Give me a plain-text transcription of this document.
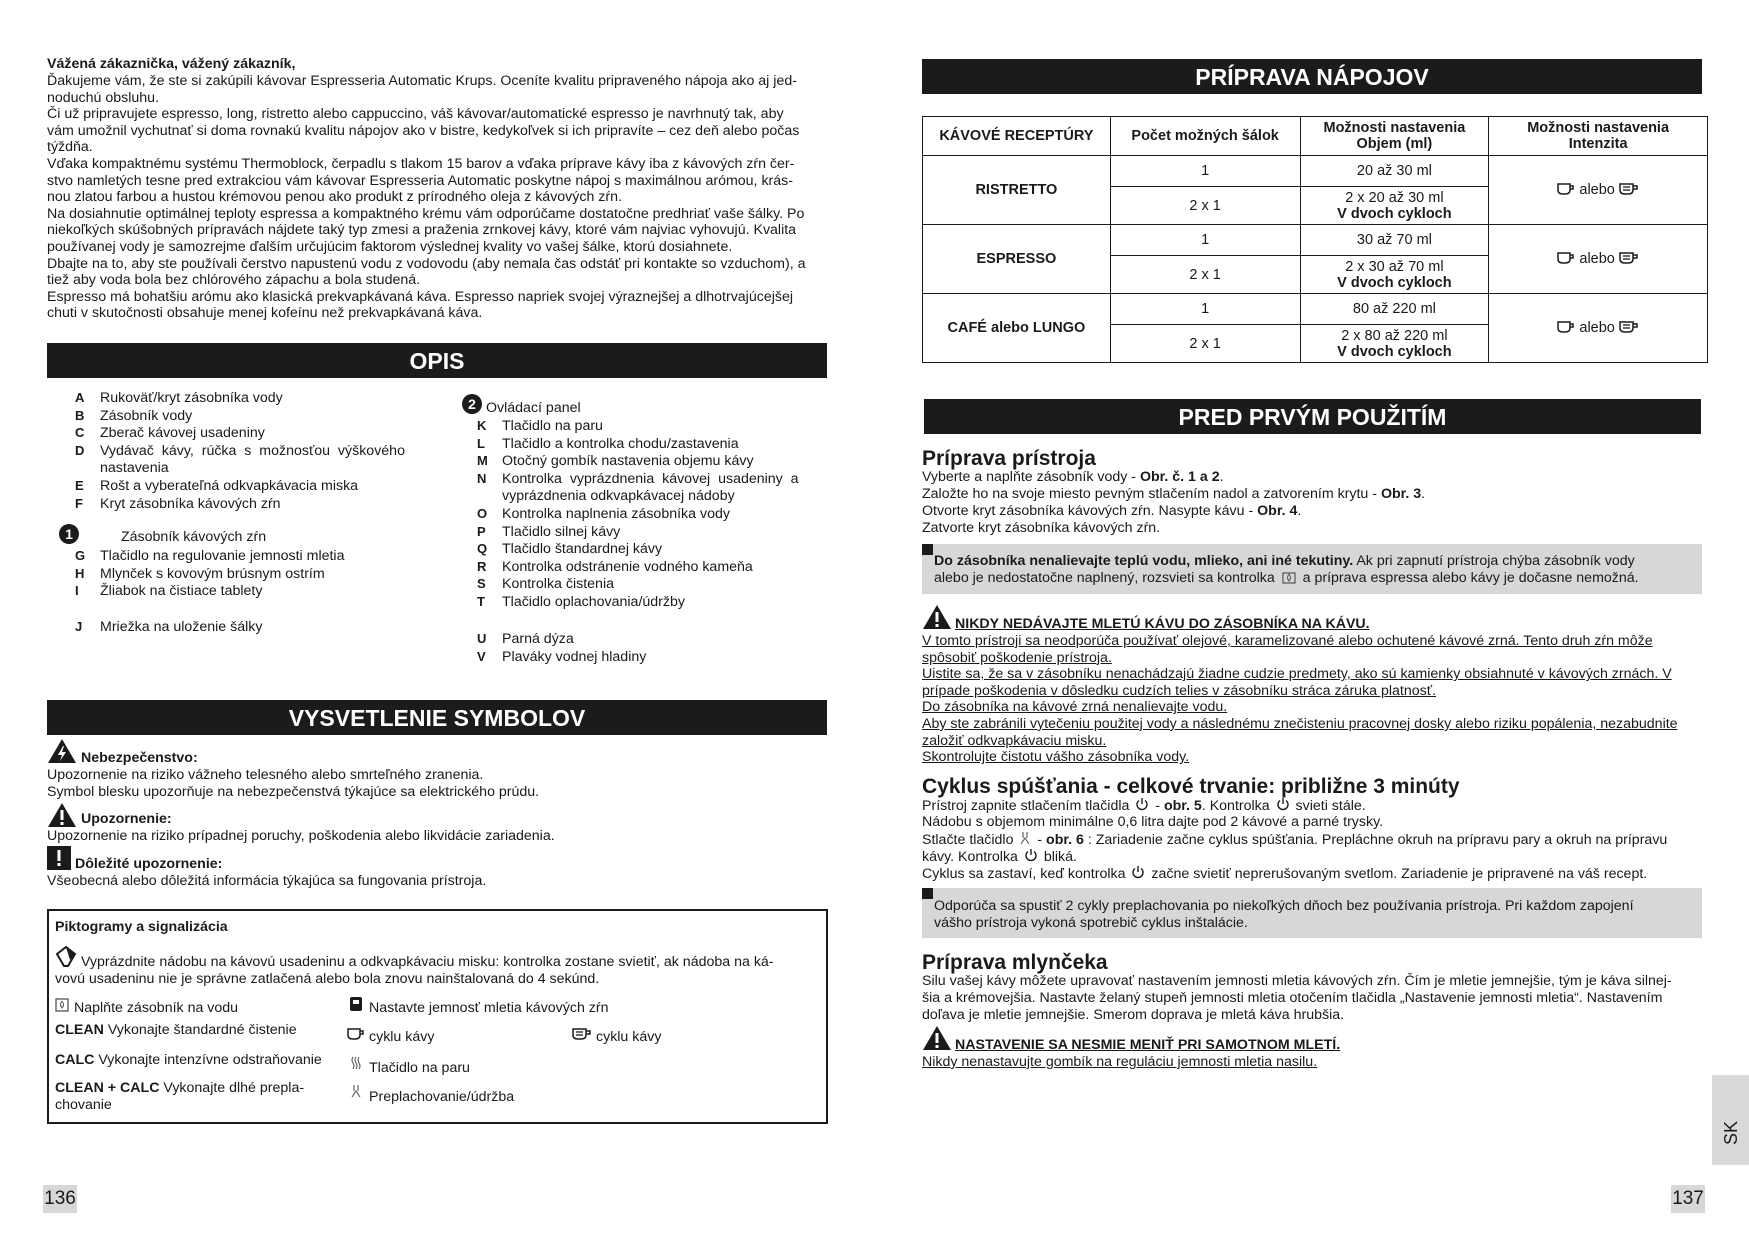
Vážená zákaznička, vážený zákazník,
Ďakujeme vám, že ste si zakúpili kávovar Espresseria Automatic Krups. Oceníte kvalitu pripraveného nápoja ako aj jed-
noduchú obsluhu.
Či už pripravujete espresso, long, ristretto alebo cappuccino, váš kávovar/automatické espresso je navrhnutý tak, aby
vám umožnil vychutnať si doma rovnakú kvalitu nápojov ako v bistre, kedykoľvek si ich pripravíte – cez deň alebo počas
týždňa.
Vďaka kompaktnému systému Thermoblock, čerpadlu s tlakom 15 barov a vďaka príprave kávy iba z kávových zŕn čer-
stvo namletých tesne pred extrakciou vám kávovar Espresseria Automatic poskytne nápoj s maximálnou arómou, krás-
nou zlatou farbou a hustou krémovou penou ako produkt z prírodného oleja z kávových zŕn.
Na dosiahnutie optimálnej teploty espressa a kompaktného krému vám odporúčame dostatočne predhriať vaše šálky. Po
niekoľkých skúšobných prípravách nájdete taký typ zmesi a praženia zrnkovej kávy, ktoré vám najviac vyhovujú. Kvalita
používanej vody je samozrejme ďalším určujúcim faktorom výslednej kvality vo vašej šálke, ktorú dosiahnete.
Dbajte na to, aby ste používali čerstvo napustenú vodu z vodovodu (aby nemala čas odstáť pri kontakte so vzduchom), a
tiež aby voda bola bez chlórového zápachu a bola studená.
Espresso má bohatšiu arómu ako klasická prekvapkávaná káva. Espresso napriek svojej výraznejšej a dlhotrvajúcejšej
chuti v skutočnosti obsahuje menej kofeínu než prekvapkávaná káva.
OPIS
A	Rukoväť/kryt zásobníka vody
B	Zásobník vody
C	Zberač kávovej usadeniny
D	Vydávač  kávy,  rúčka  s  možnosťou  výškového
nastavenia
E	Rošt a vyberateľná odkvapkávacia miska
F	Kryt zásobníka kávových zŕn
1	Zásobník kávových zŕn
G	Tlačidlo na regulovanie jemnosti mletia
H	Mlynček s kovovým brúsnym ostrím
I	Žliabok na čistiace tablety
J	Mriežka na uloženie šálky
2 Ovládací panel
K	Tlačidlo na paru
L	Tlačidlo a kontrolka chodu/zastavenia
M Otočný gombík nastavenia objemu kávy
N	Kontrolka  vyprázdnenia  kávovej  usadeniny  a
vyprázdnenia odkvapkávacej nádoby
O	Kontrolka naplnenia zásobníka vody
P	Tlačidlo silnej kávy
Q	Tlačidlo štandardnej kávy
R	Kontrolka odstránenie vodného kameňa
S	Kontrolka čistenia
T	Tlačidlo oplachovania/údržby
U	Parná dýza
V	Plaváky vodnej hladiny
VYSVETLENIE SYMBOLOV
Nebezpečenstvo:
Upozornenie na riziko vážneho telesného alebo smrteľného zranenia.
Symbol blesku upozorňuje na nebezpečenstvá týkajúce sa elektrického prúdu.
Upozornenie:
Upozornenie na riziko prípadnej poruchy, poškodenia alebo likvidácie zariadenia.
Dôležité upozornenie:
Všeobecná alebo dôležitá informácia týkajúca sa fungovania prístroja.
Piktogramy a signalizácia
Vyprázdnite nádobu na kávovú usadeninu a odkvapkávaciu misku: kontrolka zostane svietiť, ak nádoba na ká-
vovú usadeninu nie je správne zatlačená alebo bola znovu nainštalovaná do 4 sekúnd.
Naplňte zásobník na vodu	Nastavte jemnosť mletia kávových zŕn
CLEAN Vykonajte štandardné čistenie	cyklu kávy	cyklu kávy
CALC Vykonajte intenzívne odstraňovanie	Tlačidlo na paru
CLEAN + CALC Vykonajte dlhé prepla-
chovanie	Preplachovanie/údržba
136
PRÍPRAVA NÁPOJOV
KÁVOVÉ RECEPTÚRY	Počet možných šálok	Možnosti nastavenia
Objem (ml)	Možnosti nastavenia
Intenzita
RISTRETTO	1	20 až 30 ml	alebo
	2 x 1	2 x 20 až 30 ml
V dvoch cykloch	

ESPRESSO	1	30 až 70 ml	alebo
	2 x 1	2 x 30 až 70 ml
V dvoch cykloch	

CAFÉ alebo LUNGO	1	80 až 220 ml	alebo
	2 x 1	2 x 80 až 220 ml
V dvoch cykloch	
PRED PRVÝM POUŽITÍM
Príprava prístroja
Vyberte a naplňte zásobník vody - Obr. č. 1 a 2.
Založte ho na svoje miesto pevným stlačením nadol a zatvorením krytu - Obr. 3.
Otvorte kryt zásobníka kávových zŕn. Nasypte kávu - Obr. 4.
Zatvorte kryt zásobníka kávových zŕn.
Do zásobníka nenalievajte teplú vodu, mlieko, ani iné tekutiny. Ak pri zapnutí prístroja chýba zásobník vody
alebo je nedostatočne naplnený, rozsvieti sa kontrolka a príprava espressa alebo kávy je dočasne nemožná.
NIKDY NEDÁVAJTE MLETÚ KÁVU DO ZÁSOBNÍKA NA KÁVU.
V tomto prístroji sa neodporúča používať olejové, karamelizované alebo ochutené kávové zrná. Tento druh zŕn môže
spôsobiť poškodenie prístroja.
Uistite sa, že sa v zásobníku nenachádzajú žiadne cudzie predmety, ako sú kamienky obsiahnuté v kávových zrnách. V
prípade poškodenia v dôsledku cudzích telies v zásobníku stráca záruka platnosť.
Do zásobníka na kávové zrná nenalievajte vodu.
Aby ste zabránili vytečeniu použitej vody a následnému znečisteniu pracovnej dosky alebo riziku popálenia, nezabudnite
založiť odkvapkávaciu misku.
Skontrolujte čistotu vášho zásobníka vody.
Cyklus spúšťania - celkové trvanie: približne 3 minúty
Prístroj zapnite stlačením tlačidla  - obr. 5. Kontrolka svieti stále.
Nádobu s objemom minimálne 0,6 litra dajte pod 2 kávové a parné trysky.
Stlačte tlačidlo  - obr. 6 : Zariadenie začne cyklus spúšťania. Prepláchne okruh na prípravu pary a okruh na prípravu
kávy. Kontrolka bliká.
Cyklus sa zastaví, keď kontrolka začne svietiť neprerušovaným svetlom. Zariadenie je pripravené na váš recept.
Odporúča sa spustiť 2 cykly preplachovania po niekoľkých dňoch bez používania prístroja. Pri každom zapojení
vášho prístroja vykoná spotrebič cyklus inštalácie.
Príprava mlynčeka
Silu vašej kávy môžete upravovať nastavením jemnosti mletia kávových zŕn. Čím je mletie jemnejšie, tým je káva silnej-
šia a krémovejšia. Nastavte želaný stupeň jemnosti mletia otočením tlačidla „Nastavenie jemnosti mletia“. Nastavením
doľava je mletie jemnejšie. Smerom doprava je mletá káva hrubšia.
NASTAVENIE SA NESMIE MENIŤ PRI SAMOTNOM MLETÍ.
Nikdy nenastavujte gombík na reguláciu jemnosti mletia nasilu.
SK
137
